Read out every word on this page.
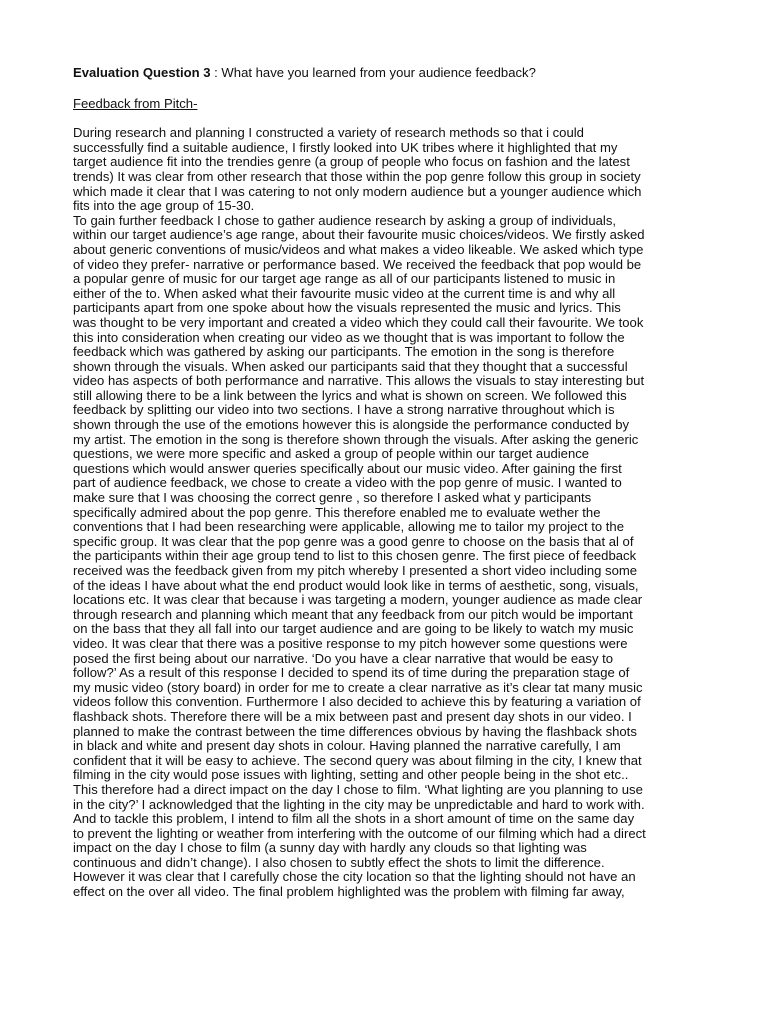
Evaluation Question 3 : What have you learned from your audience feedback?

Feedback from Pitch-

During research and planning I constructed a variety of research methods so that i could
successfully find a suitable audience, I firstly looked into UK tribes where it highlighted that my
target audience fit into the trendies genre (a group of people who focus on fashion and the latest
trends) It was clear from other research that those within the pop genre follow this group in society
which made it clear that I was catering to not only modern audience but a younger audience which
fits into the age group of 15-30.
To gain further feedback I chose to gather audience research by asking a group of individuals,
within our target audience’s age range, about their favourite music choices/videos. We firstly asked
about generic conventions of music/videos and what makes a video likeable. We asked which type
of video they prefer- narrative or performance based. We received the feedback that pop would be
a popular genre of music for our target age range as all of our participants listened to music in
either of the to. When asked what their favourite music video at the current time is and why all
participants apart from one spoke about how the visuals represented the music and lyrics. This
was thought to be very important and created a video which they could call their favourite. We took
this into consideration when creating our video as we thought that is was important to follow the
feedback which was gathered by asking our participants. The emotion in the song is therefore
shown through the visuals. When asked our participants said that they thought that a successful
video has aspects of both performance and narrative. This allows the visuals to stay interesting but
still allowing there to be a link between the lyrics and what is shown on screen. We followed this
feedback by splitting our video into two sections. I have a strong narrative throughout which is
shown through the use of the emotions however this is alongside the performance conducted by
my artist. The emotion in the song is therefore shown through the visuals. After asking the generic
questions, we were more specific and asked a group of people within our target audience
questions which would answer queries specifically about our music video. After gaining the first
part of audience feedback, we chose to create a video with the pop genre of music. I wanted to
make sure that I was choosing the correct genre , so therefore I asked what y participants
specifically admired about the pop genre. This therefore enabled me to evaluate wether the
conventions that I had been researching were applicable, allowing me to tailor my project to the
specific group. It was clear that the pop genre was a good genre to choose on the basis that al of
the participants within their age group tend to list to this chosen genre. The first piece of feedback
received was the feedback given from my pitch whereby I presented a short video including some
of the ideas I have about what the end product would look like in terms of aesthetic, song, visuals,
locations etc. It was clear that because i was targeting a modern, younger audience as made clear
through research and planning which meant that any feedback from our pitch would be important
on the bass that they all fall into our target audience and are going to be likely to watch my music
video. It was clear that there was a positive response to my pitch however some questions were
posed the first being about our narrative. ‘Do you have a clear narrative that would be easy to
follow?’ As a result of this response I decided to spend its of time during the preparation stage of
my music video (story board) in order for me to create a clear narrative as it’s clear tat many music
videos follow this convention. Furthermore I also decided to achieve this by featuring a variation of
flashback shots. Therefore there will be a mix between past and present day shots in our video. I
planned to make the contrast between the time differences obvious by having the flashback shots
in black and white and present day shots in colour. Having planned the narrative carefully, I am
confident that it will be easy to achieve. The second query was about filming in the city, I knew that
filming in the city would pose issues with lighting, setting and other people being in the shot etc..
This therefore had a direct impact on the day I chose to film. ‘What lighting are you planning to use
in the city?’ I acknowledged that the lighting in the city may be unpredictable and hard to work with.
And to tackle this problem, I intend to film all the shots in a short amount of time on the same day
to prevent the lighting or weather from interfering with the outcome of our filming which had a direct
impact on the day I chose to film (a sunny day with hardly any clouds so that lighting was
continuous and didn’t change). I also chosen to subtly effect the shots to limit the difference.
However it was clear that I carefully chose the city location so that the lighting should not have an
effect on the over all video. The final problem highlighted was the problem with filming far away,
